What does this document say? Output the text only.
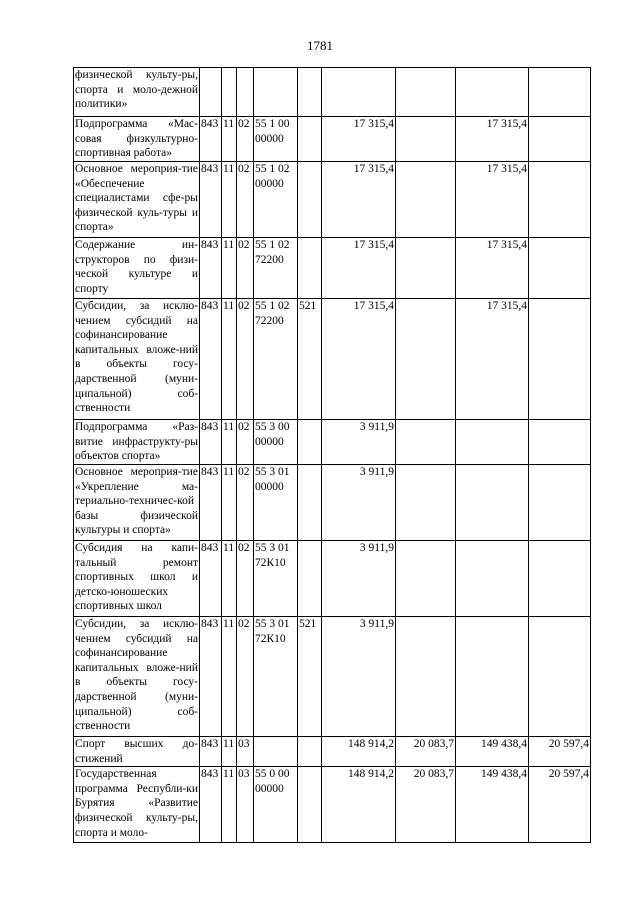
1781
физической культу-​ры, спорта и моло-​дежной политики»									

Подпрограмма «Мас-​совая физкультурно-​спортивная работа»	843	11	02	55 1 00 00000		17 315,4		17 315,4	

Основное мероприя-​тие «Обеспечение специалистами сфе-​ры физической куль-​туры и спорта»	843	11	02	55 1 02 00000		17 315,4		17 315,4	

Содержание ин-​структоров по физи-​ческой культуре и спорту	843	11	02	55 1 02 72200		17 315,4		17 315,4	

Субсидии, за исклю-​чением субсидий на софинансирование капитальных вложе-​ний в объекты госу-​дарственной (муни-​ципальной) соб-​ственности	843	11	02	55 1 02 72200	521	17 315,4		17 315,4	

Подпрограмма «Раз-​витие инфраструкту-​ры объектов спорта»	843	11	02	55 3 00 00000		3 911,9			

Основное мероприя-​тие «Укрепление ма-​териально-​техничес-​кой базы физической культуры и спорта»	843	11	02	55 3 01 00000		3 911,9			

Субсидия на капи-​тальный ремонт спортивных школ и детско-​юношеских спортивных школ	843	11	02	55 3 01 72К10		3 911,9			

Субсидии, за исклю-​чением субсидий на софинансирование капитальных вложе-​ний в объекты госу-​дарственной (муни-​ципальной) соб-​ственности	843	11	02	55 3 01 72К10	521	3 911,9			

Спорт высших до-​стижений	843	11	03			148 914,2	20 083,7	149 438,4	20 597,4

Государственная программа Республи-​ки Бурятия «Развитие физической культу-​ры, спорта и моло-	843	11	03	55 0 00 00000		148 914,2	20 083,7	149 438,4	20 597,4
